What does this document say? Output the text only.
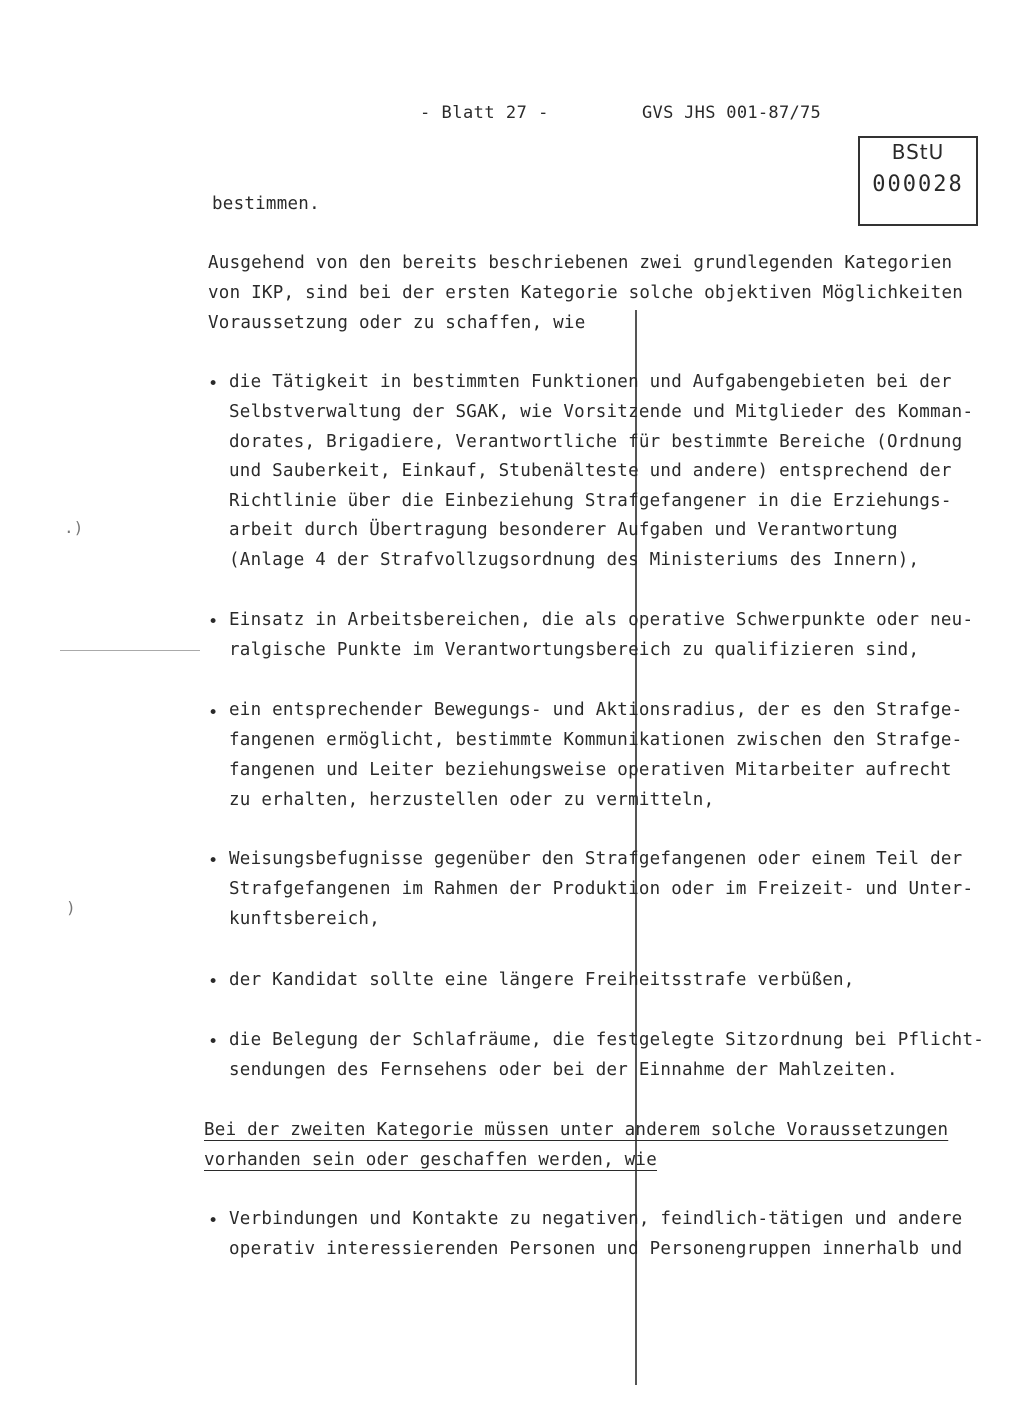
- Blatt 27 -	GVS JHS 001-87/75
BStU
000028
.)
)
bestimmen.
Ausgehend von den bereits beschriebenen zwei grundlegenden Kategorien
von IKP, sind bei der ersten Kategorie solche objektiven Möglichkeiten
Voraussetzung oder zu schaffen, wie
• die Tätigkeit in bestimmten Funktionen und Aufgabengebieten bei der
Selbstverwaltung der SGAK, wie Vorsitzende und Mitglieder des Komman-
dorates, Brigadiere, Verantwortliche für bestimmte Bereiche (Ordnung
und Sauberkeit, Einkauf, Stubenälteste und andere) entsprechend der
Richtlinie über die Einbeziehung Strafgefangener in die Erziehungs-
arbeit durch Übertragung besonderer Aufgaben und Verantwortung
(Anlage 4 der Strafvollzugsordnung des Ministeriums des Innern),
• Einsatz in Arbeitsbereichen, die als operative Schwerpunkte oder neu-
ralgische Punkte im Verantwortungsbereich zu qualifizieren sind,
• ein entsprechender Bewegungs- und Aktionsradius, der es den Strafge-
fangenen ermöglicht, bestimmte Kommunikationen zwischen den Strafge-
fangenen und Leiter beziehungsweise operativen Mitarbeiter aufrecht
zu erhalten, herzustellen oder zu vermitteln,
• Weisungsbefugnisse gegenüber den Strafgefangenen oder einem Teil der
Strafgefangenen im Rahmen der Produktion oder im Freizeit- und Unter-
kunftsbereich,
• der Kandidat sollte eine längere Freiheitsstrafe verbüßen,
• die Belegung der Schlafräume, die festgelegte Sitzordnung bei Pflicht-
sendungen des Fernsehens oder bei der Einnahme der Mahlzeiten.
Bei der zweiten Kategorie müssen unter anderem solche Voraussetzungen
vorhanden sein oder geschaffen werden, wie
• Verbindungen und Kontakte zu negativen, feindlich-tätigen und andere
operativ interessierenden Personen und Personengruppen innerhalb und
